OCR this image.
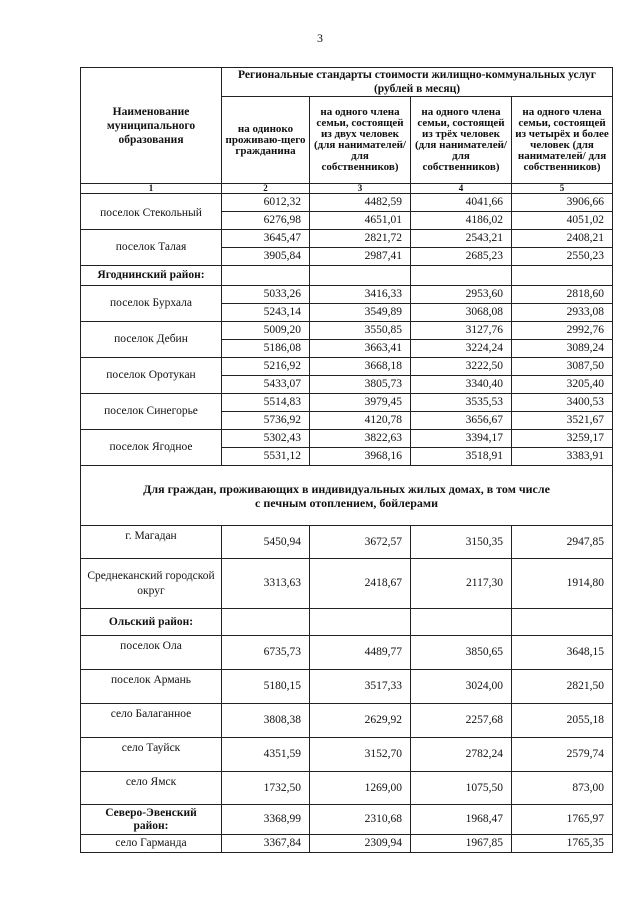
3
Наименование муниципального образования	Региональные стандарты стоимости жилищно-коммунальных услуг (рублей в месяц)			
	на одиноко проживаю-щего гражданина	на одного члена семьи, состоящей из двух человек (для нанимателей/ для собственников)	на одного члена семьи, состоящей из трёх человек (для нанимателей/ для собственников)	на одного члена семьи, состоящей из четырёх и более человек (для нанимателей/ для собственников)
1	2	3	4	5
поселок Стекольный	6012,32	4482,59	4041,66	3906,66
	6276,98	4651,01	4186,02	4051,02
поселок Талая	3645,47	2821,72	2543,21	2408,21
	3905,84	2987,41	2685,23	2550,23
Ягоднинский район:				
поселок Бурхала	5033,26	3416,33	2953,60	2818,60
	5243,14	3549,89	3068,08	2933,08
поселок Дебин	5009,20	3550,85	3127,76	2992,76
	5186,08	3663,41	3224,24	3089,24
поселок Оротукан	5216,92	3668,18	3222,50	3087,50
	5433,07	3805,73	3340,40	3205,40
поселок Синегорье	5514,83	3979,45	3535,53	3400,53
	5736,92	4120,78	3656,67	3521,67
поселок Ягодное	5302,43	3822,63	3394,17	3259,17
	5531,12	3968,16	3518,91	3383,91
Для граждан, проживающих в индивидуальных жилых домах, в том числе с печным отоплением, бойлерами				
г. Магадан	5450,94	3672,57	3150,35	2947,85
Среднеканский городской округ	3313,63	2418,67	2117,30	1914,80
Ольский район:				
поселок Ола	6735,73	4489,77	3850,65	3648,15
поселок Армань	5180,15	3517,33	3024,00	2821,50
село Балаганное	3808,38	2629,92	2257,68	2055,18
село Тауйск	4351,59	3152,70	2782,24	2579,74
село Ямск	1732,50	1269,00	1075,50	873,00
Северо-Эвенский район:	3368,99	2310,68	1968,47	1765,97
село Гарманда	3367,84	2309,94	1967,85	1765,35
